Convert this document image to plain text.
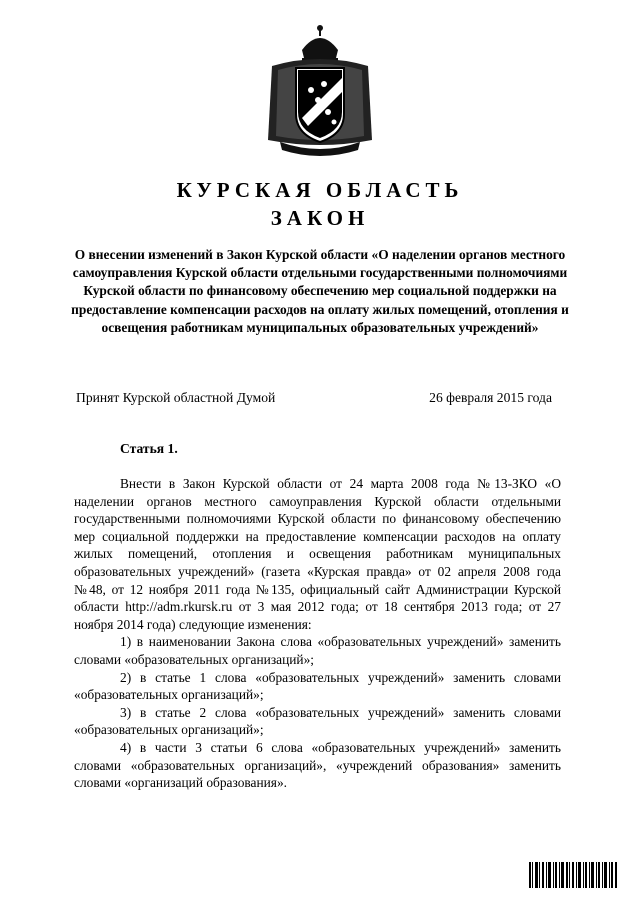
КУРСКАЯ ОБЛАСТЬ
ЗАКОН
О внесении изменений в Закон Курской области «О наделении органов местного самоуправления Курской области отдельными государственными полномочиями Курской области по финансовому обеспечению мер социальной поддержки на предоставление компенсации расходов на оплату жилых помещений, отопления и освещения работникам муниципальных образовательных учреждений»
Принят Курской областной Думой	26 февраля 2015 года
Статья 1.

Внести в Закон Курской области от 24 марта 2008 года №13-ЗКО «О наделении органов местного самоуправления Курской области отдельными государственными полномочиями Курской области по финансовому обеспечению мер социальной поддержки на предоставление компенсации расходов на оплату жилых помещений, отопления и освещения работникам муниципальных образовательных учреждений» (газета «Курская правда» от 02 апреля 2008 года №48, от 12 ноября 2011 года №135, официальный сайт Администрации Курской области http://adm.rkursk.ru от 3 мая 2012 года; от 18 сентября 2013 года; от 27 ноября 2014 года) следующие изменения:

1) в наименовании Закона слова «образовательных учреждений» заменить словами «образовательных организаций»;

2) в статье 1 слова «образовательных учреждений» заменить словами «образовательных организаций»;

3) в статье 2 слова «образовательных учреждений» заменить словами «образовательных организаций»;

4) в части 3 статьи 6 слова «образовательных учреждений» заменить словами «образовательных организаций», «учреждений образования» заменить словами «организаций образования».
